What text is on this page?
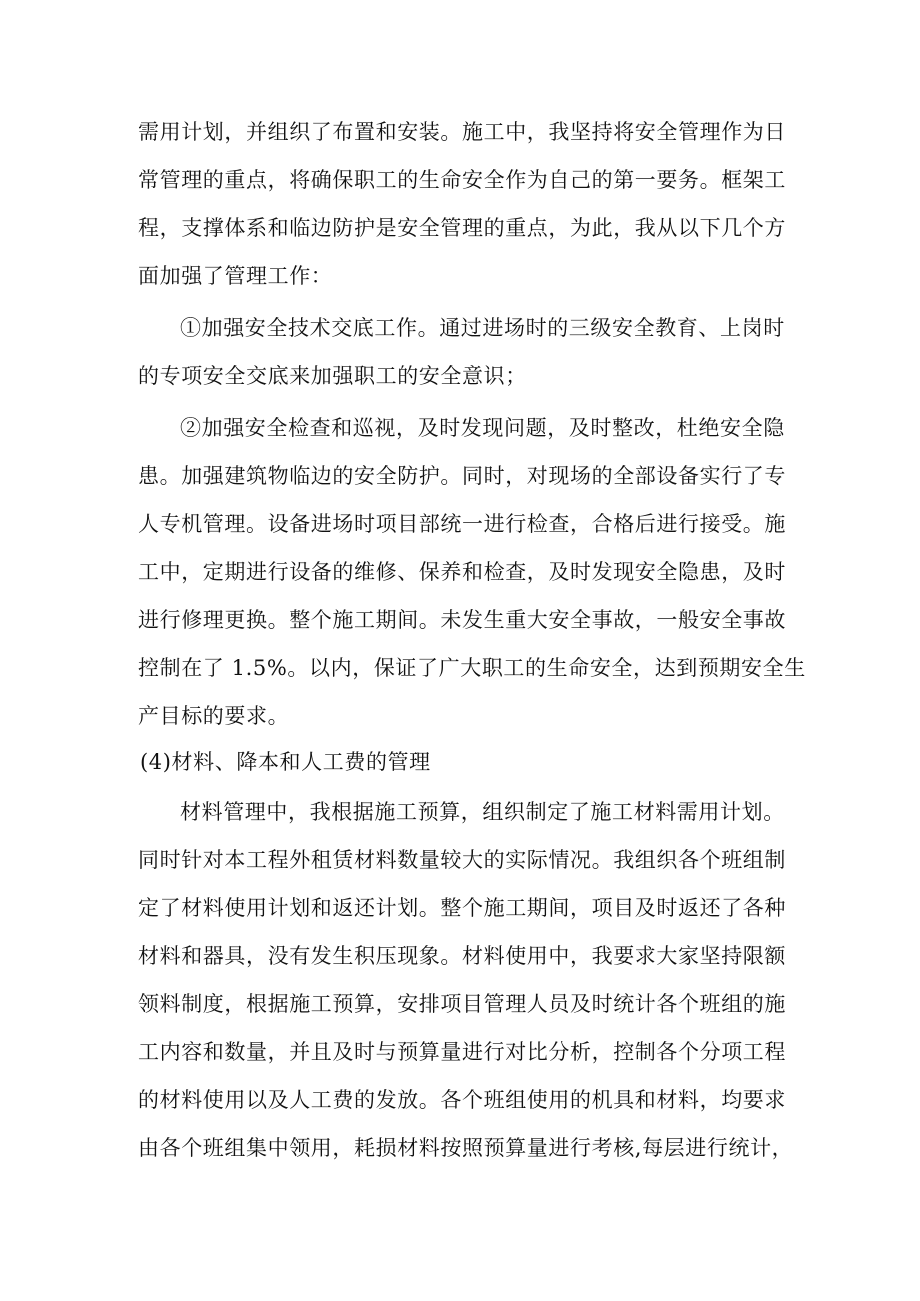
需用计划，并组织了布置和安装。施工中，我坚持将安全管理作为日
常管理的重点，将确保职工的生命安全作为自己的第一要务。框架工
程，支撑体系和临边防护是安全管理的重点，为此，我从以下几个方
面加强了管理工作：
①加强安全技术交底工作。通过进场时的三级安全教育、上岗时
的专项安全交底来加强职工的安全意识；
②加强安全检查和巡视，及时发现问题，及时整改，杜绝安全隐
患。加强建筑物临边的安全防护。同时，对现场的全部设备实行了专
人专机管理。设备进场时项目部统一进行检查，合格后进行接受。施
工中，定期进行设备的维修、保养和检查，及时发现安全隐患，及时
进行修理更换。整个施工期间。未发生重大安全事故，一般安全事故
控制在了 1.5%。以内，保证了广大职工的生命安全，达到预期安全生
产目标的要求。
(4)材料、降本和人工费的管理
材料管理中，我根据施工预算，组织制定了施工材料需用计划。
同时针对本工程外租赁材料数量较大的实际情况。我组织各个班组制
定了材料使用计划和返还计划。整个施工期间，项目及时返还了各种
材料和器具，没有发生积压现象。材料使用中，我要求大家坚持限额
领料制度，根据施工预算，安排项目管理人员及时统计各个班组的施
工内容和数量，并且及时与预算量进行对比分析，控制各个分项工程
的材料使用以及人工费的发放。各个班组使用的机具和材料，均要求
由各个班组集中领用，耗损材料按照预算量进行考核,每层进行统计，
